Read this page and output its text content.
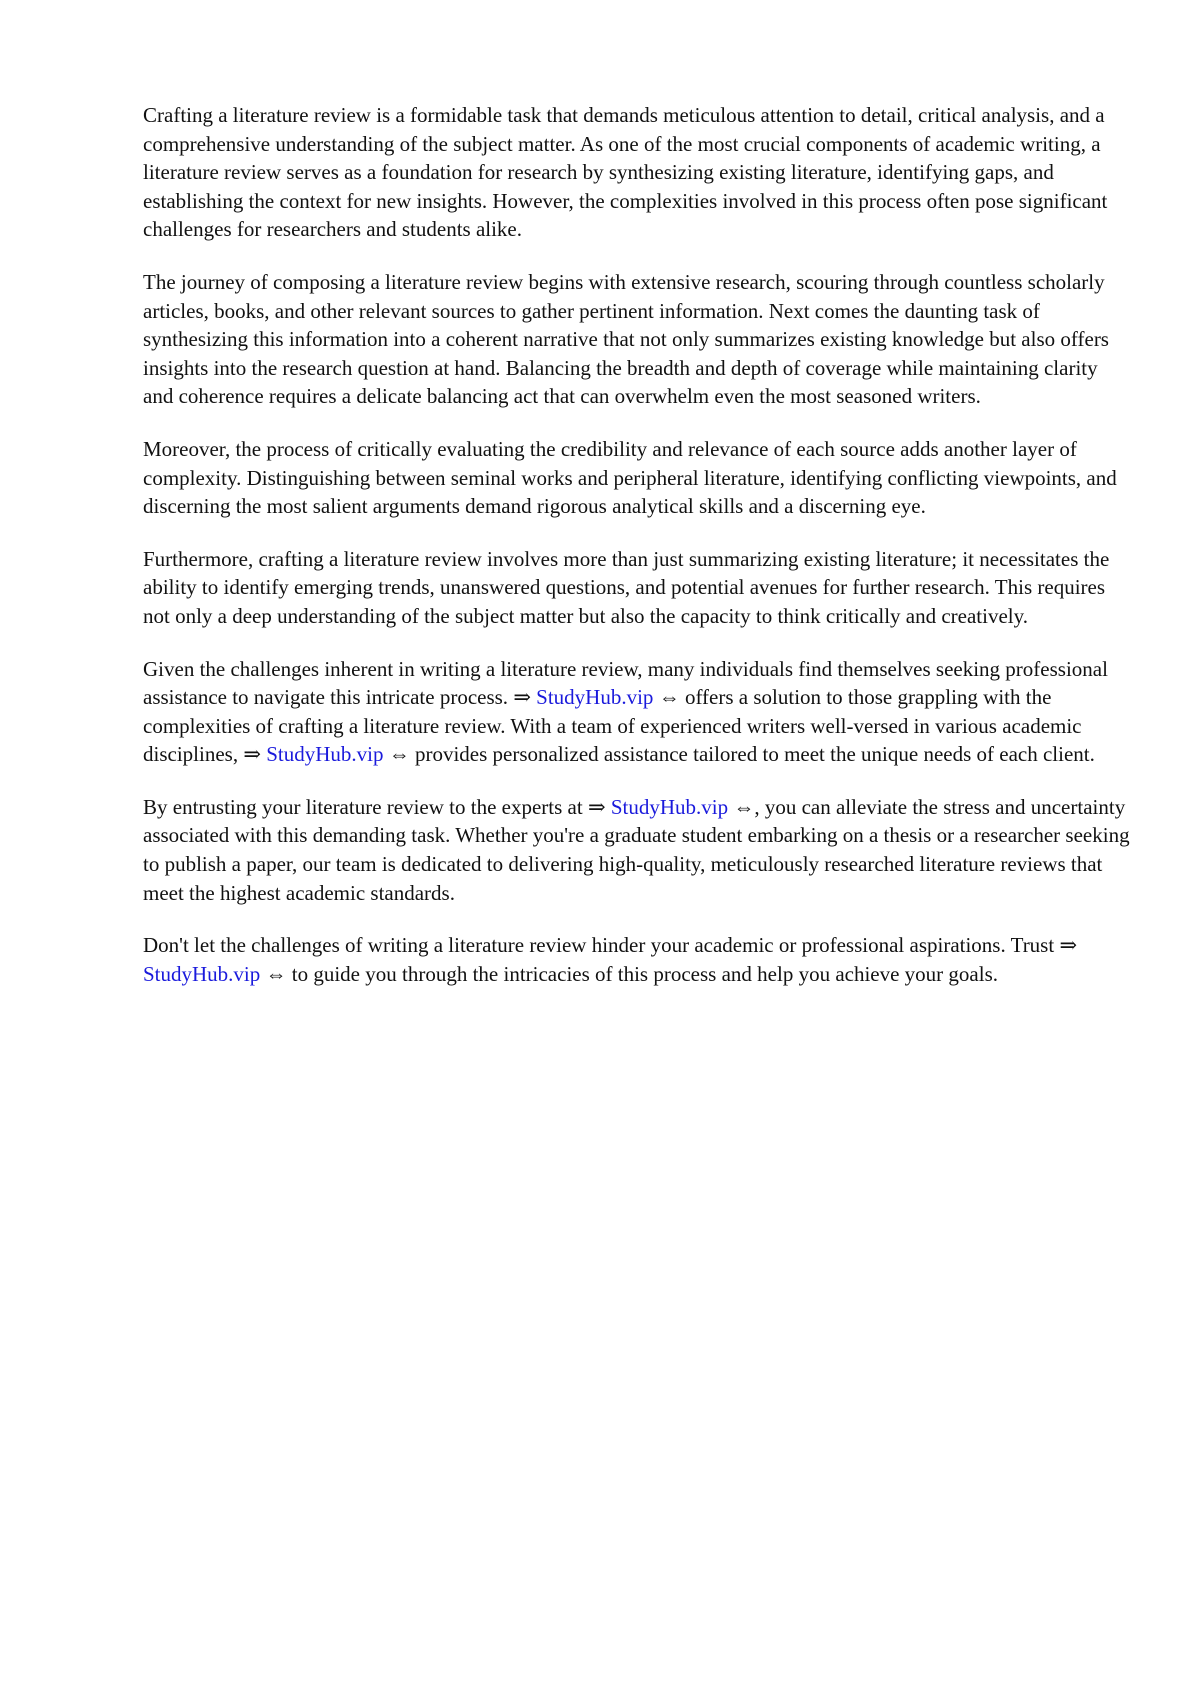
Crafting a literature review is a formidable task that demands meticulous attention to detail, critical analysis, and a comprehensive understanding of the subject matter. As one of the most crucial components of academic writing, a literature review serves as a foundation for research by synthesizing existing literature, identifying gaps, and establishing the context for new insights. However, the complexities involved in this process often pose significant challenges for researchers and students alike.

The journey of composing a literature review begins with extensive research, scouring through countless scholarly articles, books, and other relevant sources to gather pertinent information. Next comes the daunting task of synthesizing this information into a coherent narrative that not only summarizes existing knowledge but also offers insights into the research question at hand. Balancing the breadth and depth of coverage while maintaining clarity and coherence requires a delicate balancing act that can overwhelm even the most seasoned writers.

Moreover, the process of critically evaluating the credibility and relevance of each source adds another layer of complexity. Distinguishing between seminal works and peripheral literature, identifying conflicting viewpoints, and discerning the most salient arguments demand rigorous analytical skills and a discerning eye.

Furthermore, crafting a literature review involves more than just summarizing existing literature; it necessitates the ability to identify emerging trends, unanswered questions, and potential avenues for further research. This requires not only a deep understanding of the subject matter but also the capacity to think critically and creatively.

Given the challenges inherent in writing a literature review, many individuals find themselves seeking professional assistance to navigate this intricate process. ⇒ StudyHub.vip ⇔ offers a solution to those grappling with the complexities of crafting a literature review. With a team of experienced writers well-versed in various academic disciplines, ⇒ StudyHub.vip ⇔ provides personalized assistance tailored to meet the unique needs of each client.

By entrusting your literature review to the experts at ⇒ StudyHub.vip ⇔, you can alleviate the stress and uncertainty associated with this demanding task. Whether you're a graduate student embarking on a thesis or a researcher seeking to publish a paper, our team is dedicated to delivering high-quality, meticulously researched literature reviews that meet the highest academic standards.

Don't let the challenges of writing a literature review hinder your academic or professional aspirations. Trust ⇒ StudyHub.vip ⇔ to guide you through the intricacies of this process and help you achieve your goals.
